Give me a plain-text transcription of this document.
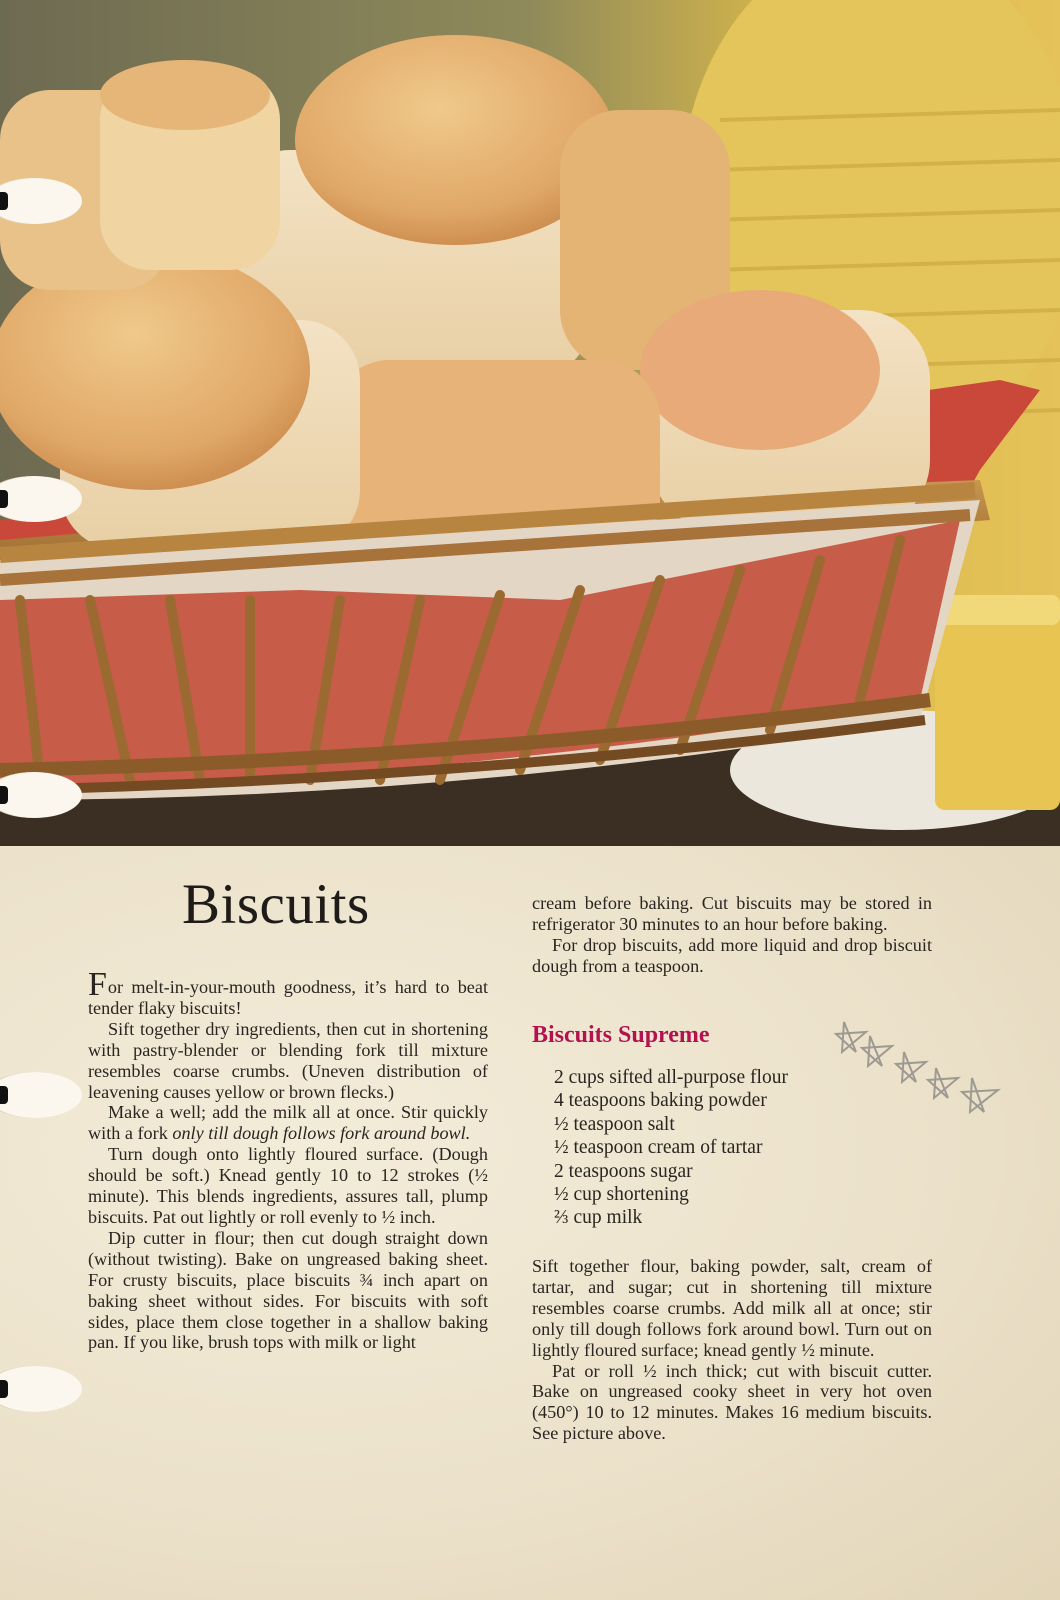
Biscuits

For melt-in-your-mouth goodness, it’s hard to beat tender flaky biscuits!

Sift together dry ingredients, then cut in shortening with pastry-blender or blending fork till mixture resembles coarse crumbs. (Uneven distribution of leavening causes yellow or brown flecks.)

Make a well; add the milk all at once. Stir quickly with a fork only till dough follows fork around bowl.

Turn dough onto lightly floured surface. (Dough should be soft.) Knead gently 10 to 12 strokes (½ minute). This blends ingredients, assures tall, plump biscuits. Pat out lightly or roll evenly to ½ inch.

Dip cutter in flour; then cut dough straight down (without twisting). Bake on ungreased baking sheet. For crusty biscuits, place biscuits ¾ inch apart on baking sheet without sides. For biscuits with soft sides, place them close together in a shallow baking pan. If you like, brush tops with milk or light

cream before baking. Cut biscuits may be stored in refrigerator 30 minutes to an hour before baking.

For drop biscuits, add more liquid and drop biscuit dough from a teaspoon.

Biscuits Supreme
2 cups sifted all-purpose flour
4 teaspoons baking powder
½ teaspoon salt
½ teaspoon cream of tartar
2 teaspoons sugar
½ cup shortening
⅔ cup milk

Sift together flour, baking powder, salt, cream of tartar, and sugar; cut in shortening till mixture resembles coarse crumbs. Add milk all at once; stir only till dough follows fork around bowl. Turn out on lightly floured surface; knead gently ½ minute.

Pat or roll ½ inch thick; cut with biscuit cutter. Bake on ungreased cooky sheet in very hot oven (450°) 10 to 12 minutes. Makes 16 medium biscuits. See picture above.
